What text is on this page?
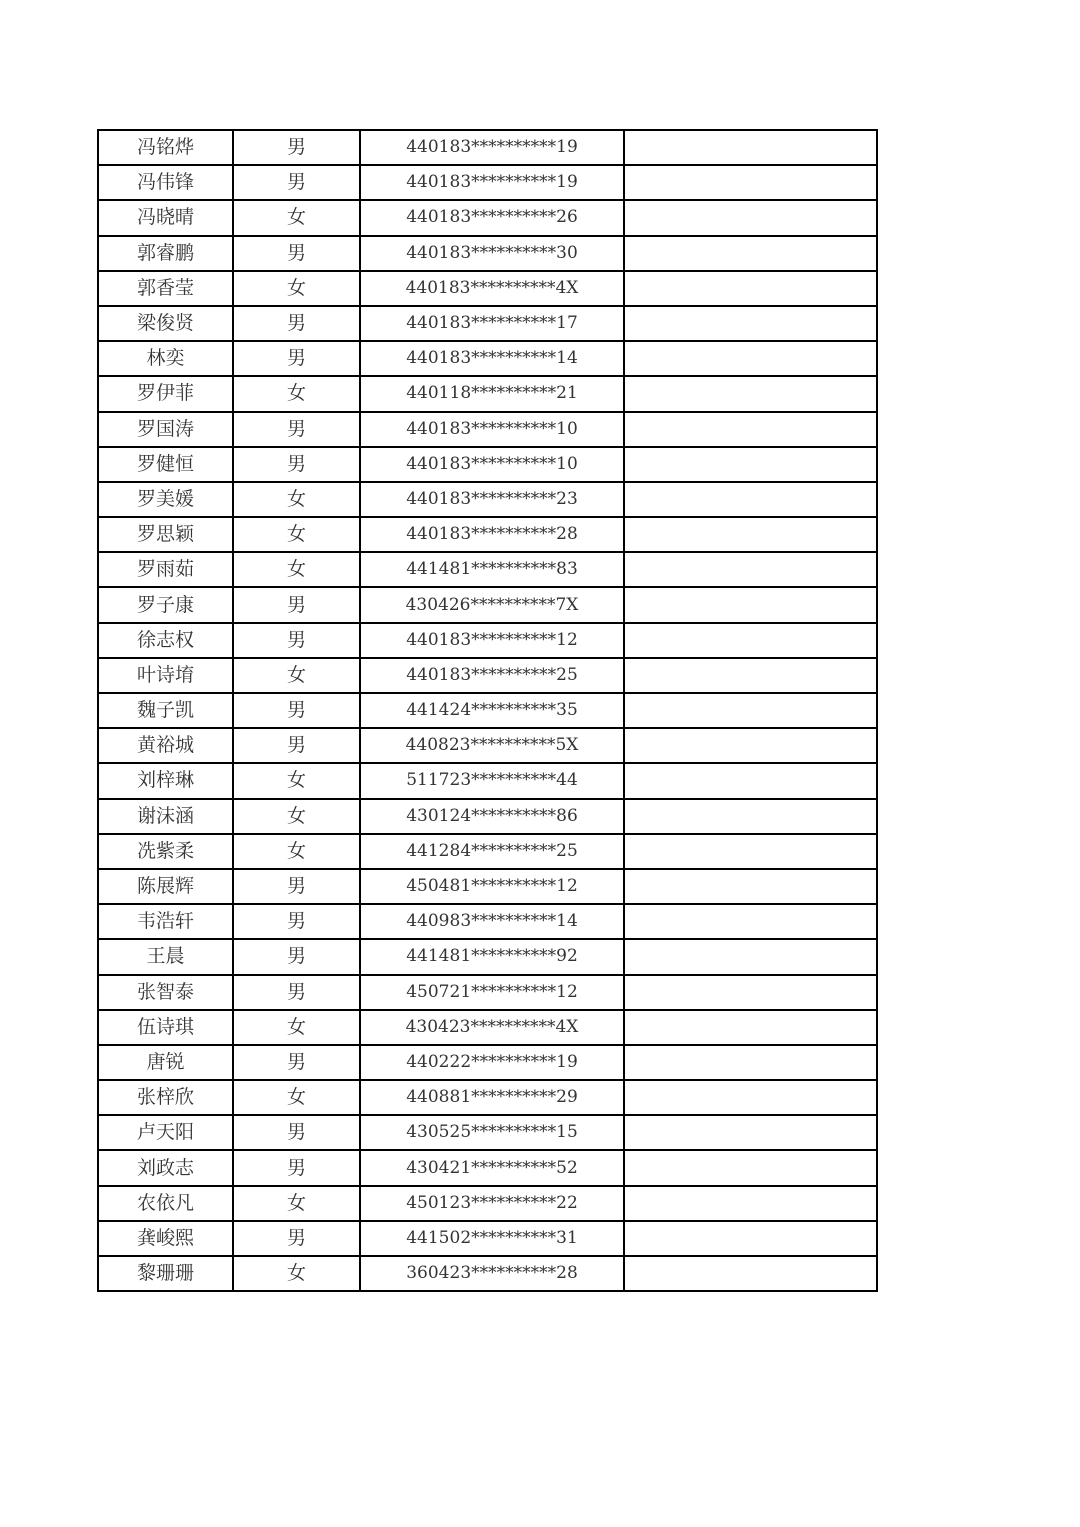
冯铭烨	男	440183**********19	
冯伟锋	男	440183**********19	
冯晓晴	女	440183**********26	
郭睿鹏	男	440183**********30	
郭香莹	女	440183**********4X	
梁俊贤	男	440183**********17	
林奕	男	440183**********14	
罗伊菲	女	440118**********21	
罗国涛	男	440183**********10	
罗健恒	男	440183**********10	
罗美媛	女	440183**********23	
罗思颖	女	440183**********28	
罗雨茹	女	441481**********83	
罗子康	男	430426**********7X	
徐志权	男	440183**********12	
叶诗堉	女	440183**********25	
魏子凯	男	441424**********35	
黄裕城	男	440823**********5X	
刘梓琳	女	511723**********44	
谢沫涵	女	430124**********86	
冼紫柔	女	441284**********25	
陈展辉	男	450481**********12	
韦浩轩	男	440983**********14	
王晨	男	441481**********92	
张智泰	男	450721**********12	
伍诗琪	女	430423**********4X	
唐锐	男	440222**********19	
张梓欣	女	440881**********29	
卢天阳	男	430525**********15	
刘政志	男	430421**********52	
农依凡	女	450123**********22	
龚峻熙	男	441502**********31	
黎珊珊	女	360423**********28	
